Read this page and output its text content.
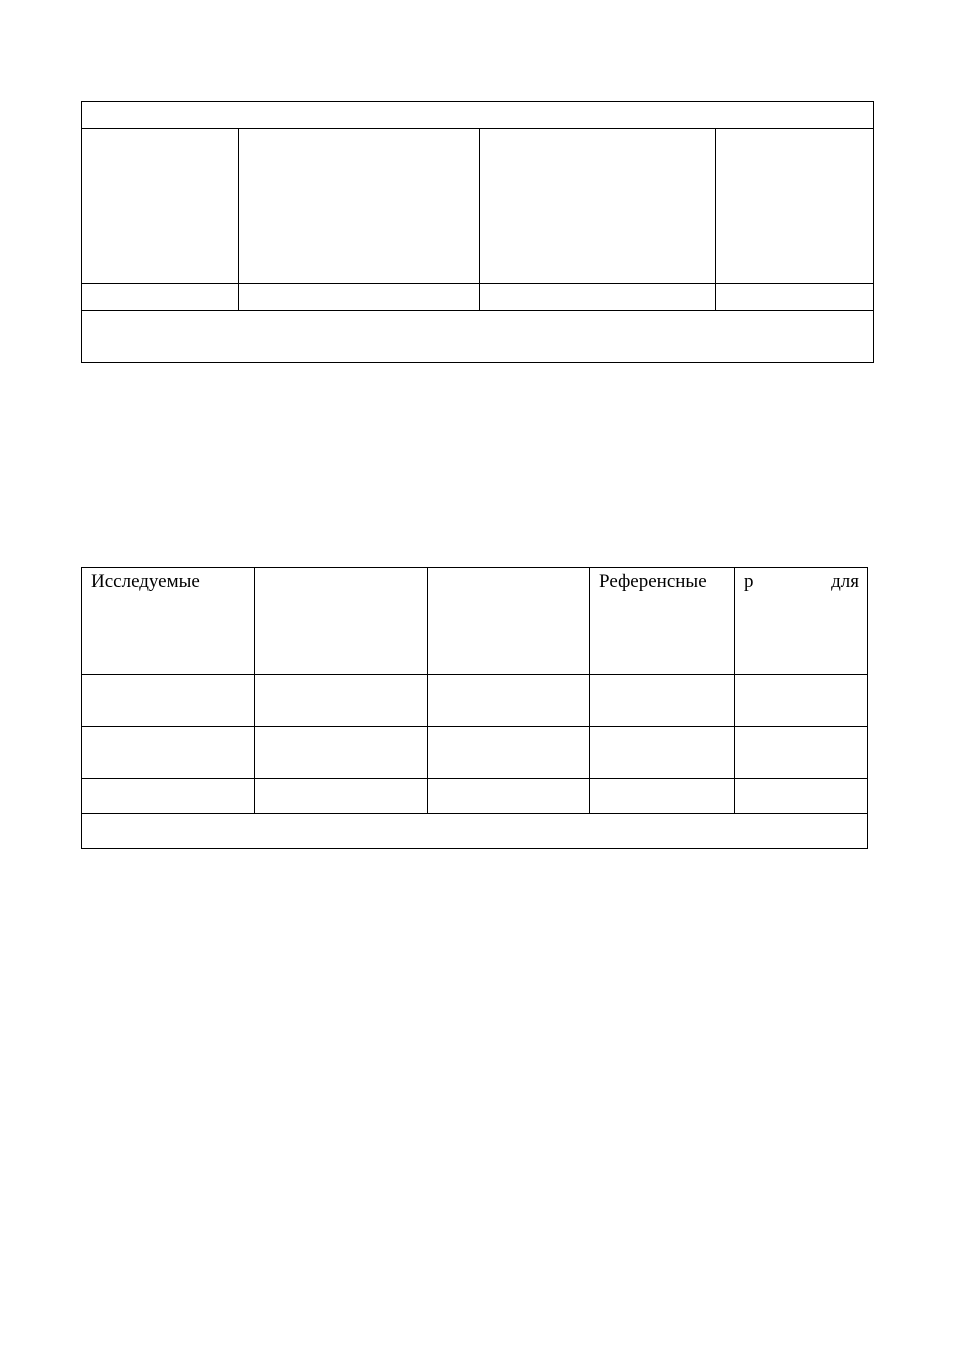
Исследуемые			Референсные	р для
